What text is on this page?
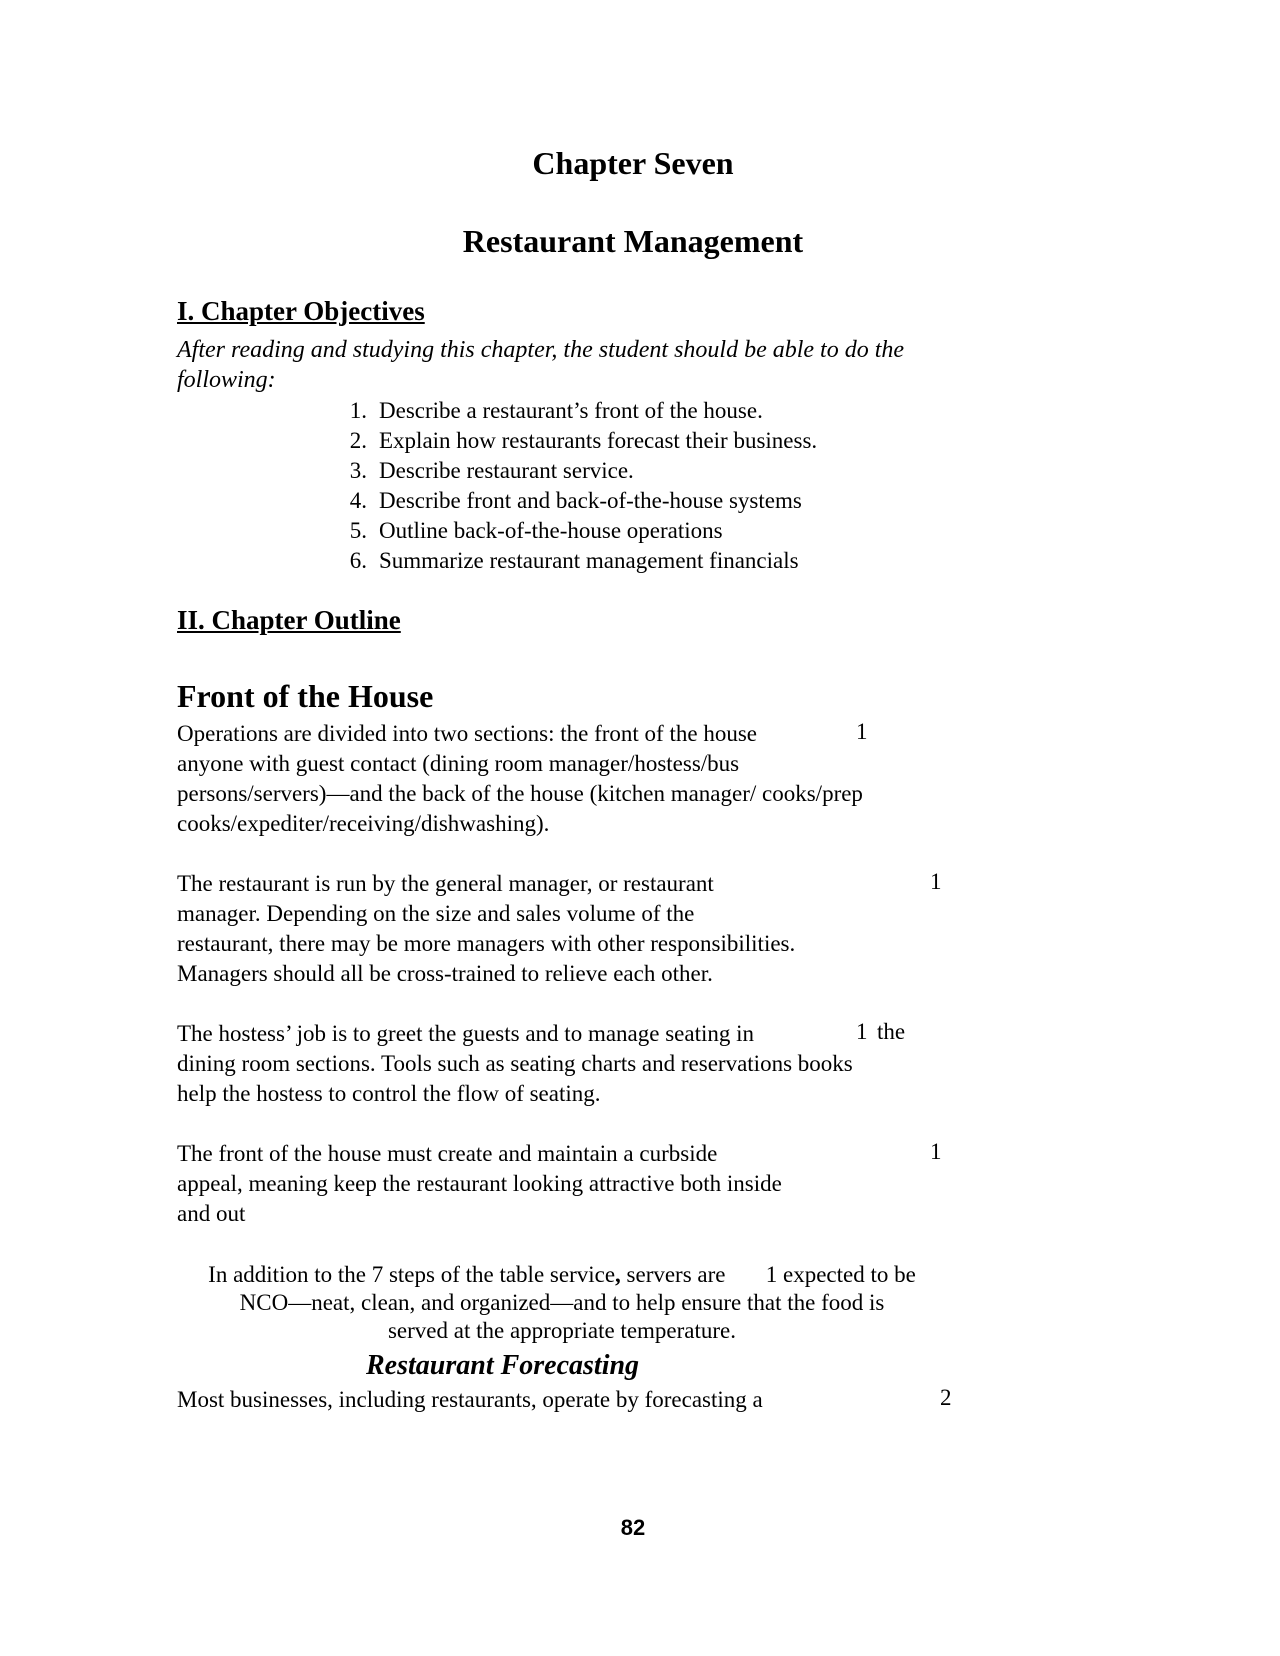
Chapter Seven
Restaurant Management
I. Chapter Objectives

After reading and studying this chapter, the student should be able to do the following:

1. Describe a restaurant’s front of the house.
2. Explain how restaurants forecast their business.
3. Describe restaurant service.
4. Describe front and back-of-the-house systems
5. Outline back-of-the-house operations
6. Summarize restaurant management financials
II. Chapter Outline
Front of the House
Operations are divided into two sections: the front of the house
anyone with guest contact (dining room manager/hostess/bus
persons/servers)—and the back of the house (kitchen manager/ cooks/prep
cooks/expediter/receiving/dishwashing).
1
The restaurant is run by the general manager, or restaurant
manager. Depending on the size and sales volume of the
restaurant, there may be more managers with other responsibilities.
Managers should all be cross-trained to relieve each other.
1
The hostess’ job is to greet the guests and to manage seating in
dining room sections. Tools such as seating charts and reservations books
help the hostess to control the flow of seating.
1 the
The front of the house must create and maintain a curbside
appeal, meaning keep the restaurant looking attractive both inside
and out
1
In addition to the 7 steps of the table service, servers are 1 expected to be
NCO—neat, clean, and organized—and to help ensure that the food is
served at the appropriate temperature.
Restaurant Forecasting
Most businesses, including restaurants, operate by forecasting a	2
82
